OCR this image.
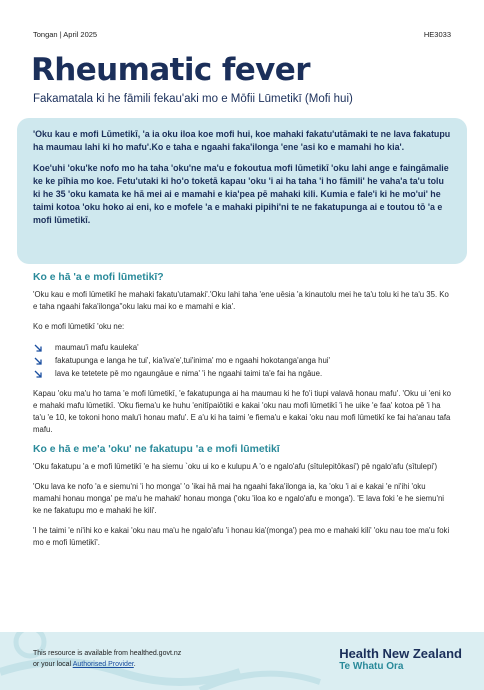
Tongan | April 2025	HE3033
Rheumatic fever
Fakamatala ki he fāmili fekau'aki mo e Mōfii Lūmetikī (Mofi hui)

'Oku kau e mofi Lūmetikī, 'a ia oku iloa koe mofi hui, koe mahaki fakatu'utāmaki te ne lava fakatupu ha maumau lahi ki ho mafu'.Ko e taha e ngaahi faka'ilonga 'ene 'asi ko e mamahi ho kia'.

Koe'uhi 'oku'ke nofo mo ha taha 'oku'ne ma'u e fokoutua mofi lūmetikī 'oku lahi ange e faingāmalie ke ke pīhia mo koe. Fetu'utaki ki ho'o toketā kapau 'oku 'i ai ha taha 'i ho fāmili' he vaha'a ta'u tolu ki he 35 'oku kamata ke hā mei ai e mamahi e kia'pea pē mahaki kili. Kumia e fale'i ki he mo'ui' he taimi kotoa 'oku hoko ai eni, ko e mofele 'a e mahaki pipihi'ni te ne fakatupunga ai e toutou tō 'a e mofi lūmetikī.

Ko e hā 'a e mofi lūmetikī?

'Oku kau e mofi lūmetikī he mahaki fakatu'utamaki'.'Oku lahi taha 'ene uēsia 'a kinautolu mei he ta'u tolu ki he ta'u 35. Ko e taha ngaahi faka'ilonga''oku laku mai ko e mamahi e kia'.

Ko e mofi lūmetikī 'oku ne:

maumau'i mafu kauleka'
fakatupunga e langa he tui', kia'iva'e',tui'inima' mo e ngaahi hokotanga'anga hui'
lava ke tetetete pē mo ngaungāue e nima' 'i he ngaahi taimi ta'e fai ha ngāue.

Kapau 'oku ma'u ho tama 'e mofi lūmetikī, 'e fakatupunga ai ha maumau ki he fo'i tiupi valavā honau mafu'. 'Oku ui 'eni ko e mahaki mafu lūmetikī. 'Oku fiema'u ke huhu 'enitīpaiōtiki e kakai 'oku nau mofi lūmetikī 'i he uike 'e faa' kotoa pē 'i ha ta'u 'e 10, ke tokoni hono malu'i honau mafu'. E a'u ki ha taimi 'e fiema'u e kakai 'oku nau mofi lūmetikī ke fai ha'anau tafa mafu.

Ko e hā e me'a 'oku' ne fakatupu 'a e mofi lūmetikī

'Oku fakatupu 'a e mofi lūmetikī 'e ha siemu `oku ui ko e kulupu A 'o e ngalo'afu (sītulepitōkasi') pē ngalo'afu (sītulepi')

'Oku lava ke nofo 'a e siemu'ni 'i ho monga' 'o 'ikai hā mai ha ngaahi faka'ilonga ia, ka 'oku 'i ai e kakai 'e ni'ihi 'oku mamahi honau monga' pe ma'u he mahaki' honau monga ('oku 'iloa ko e ngalo'afu e monga'). 'E lava foki 'e he siemu'ni ke ne fakatupu mo e mahaki he kili'.

'I he taimi 'e ni'ihi ko e kakai 'oku nau ma'u he ngalo'afu 'i honau kia'(monga') pea mo e mahaki kili' 'oku nau toe ma'u foki mo e mofi lūmetikī'.

This resource is available from healthed.govt.nz
or your local Authorised Provider.
Health New Zealand
Te Whatu Ora
